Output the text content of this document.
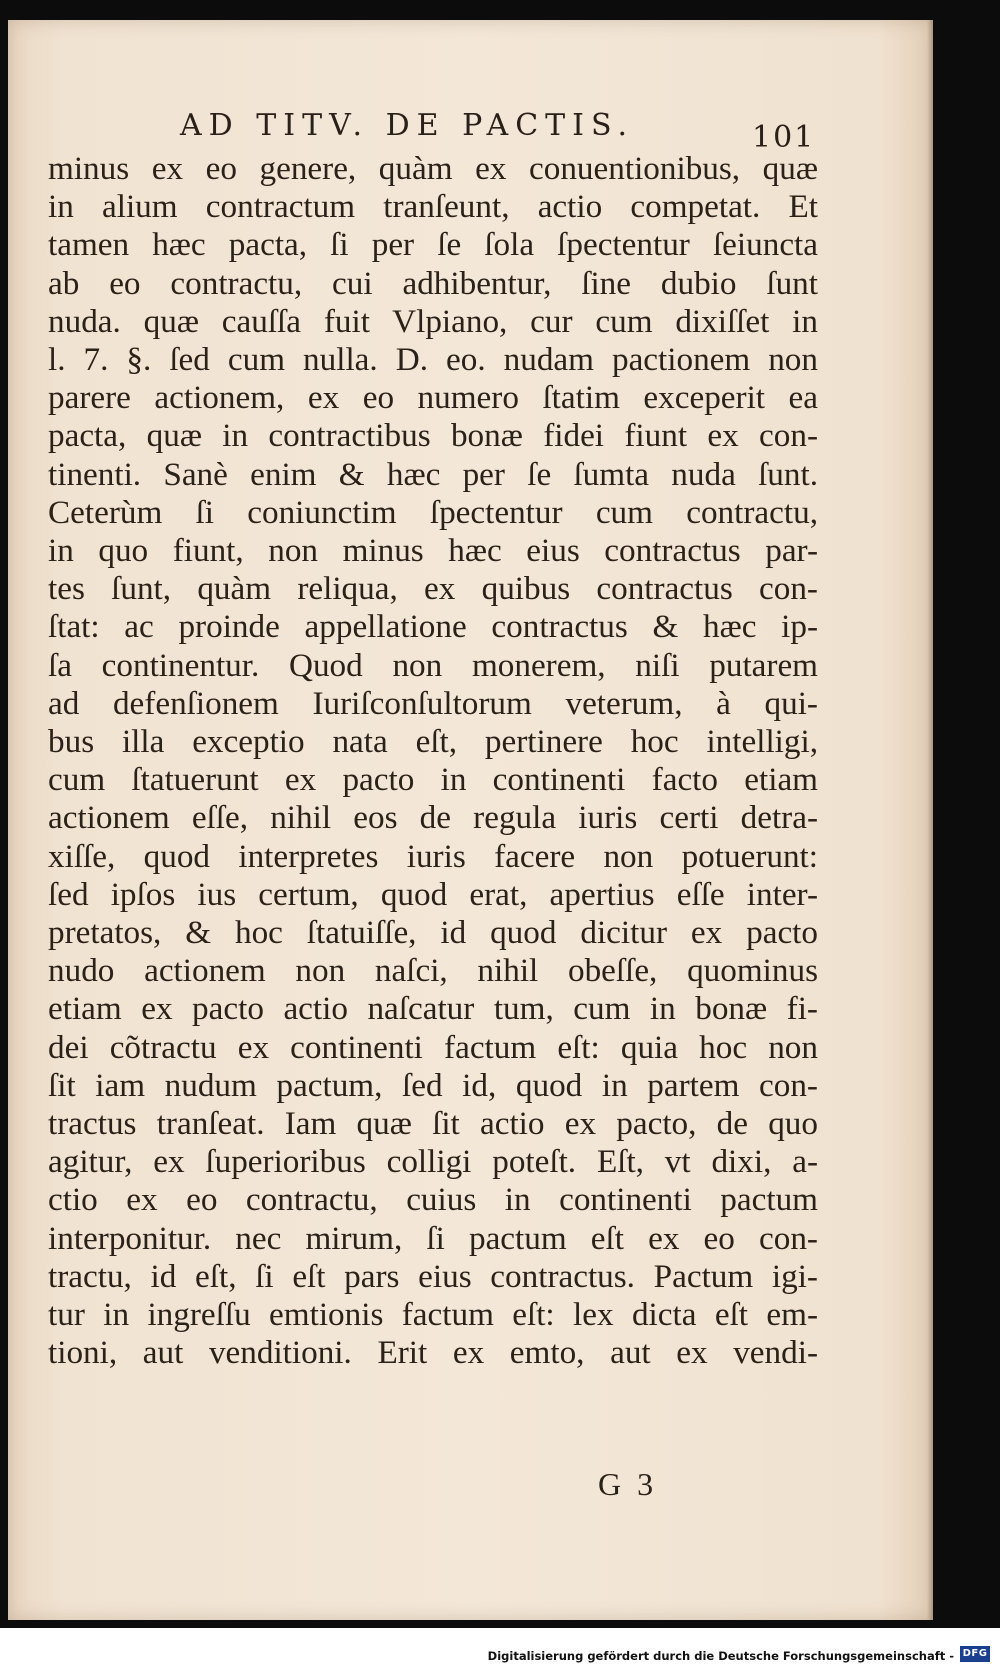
AD TITV. DE PACTIS.	101
minus ex eo genere, quàm ex conuentionibus, quæ
in alium contractum tranſeunt, actio competat. Et
tamen hæc pacta, ſi per ſe ſola ſpectentur ſeiuncta
ab eo contractu, cui adhibentur, ſine dubio ſunt
nuda. quæ cauſſa fuit Vlpiano, cur cum dixiſſet in
l. 7. §. ſed cum nulla. D. eo. nudam pactionem non
parere actionem, ex eo numero ſtatim exceperit ea
pacta, quæ in contractibus bonæ fidei fiunt ex con-
tinenti. Sanè enim & hæc per ſe ſumta nuda ſunt.
Ceterùm ſi coniunctim ſpectentur cum contractu,
in quo fiunt, non minus hæc eius contractus par-
tes ſunt, quàm reliqua, ex quibus contractus con-
ſtat: ac proinde appellatione contractus & hæc ip-
ſa continentur. Quod non monerem, niſi putarem
ad defenſionem Iuriſconſultorum veterum, à qui-
bus illa exceptio nata eſt, pertinere hoc intelligi,
cum ſtatuerunt ex pacto in continenti facto etiam
actionem eſſe, nihil eos de regula iuris certi detra-
xiſſe, quod interpretes iuris facere non potuerunt:
ſed ipſos ius certum, quod erat, apertius eſſe inter-
pretatos, & hoc ſtatuiſſe, id quod dicitur ex pacto
nudo actionem non naſci, nihil obeſſe, quominus
etiam ex pacto actio naſcatur tum, cum in bonæ fi-
dei cõtractu ex continenti factum eſt: quia hoc non
ſit iam nudum pactum, ſed id, quod in partem con-
tractus tranſeat. Iam quæ ſit actio ex pacto, de quo
agitur, ex ſuperioribus colligi poteſt. Eſt, vt dixi, a-
ctio ex eo contractu, cuius in continenti pactum
interponitur. nec mirum, ſi pactum eſt ex eo con-
tractu, id eſt, ſi eſt pars eius contractus. Pactum igi-
tur in ingreſſu emtionis factum eſt: lex dicta eſt em-
tioni, aut venditioni. Erit ex emto, aut ex vendi-
G 3
Digitalisierung gefördert durch die Deutsche Forschungsgemeinschaft - DFG
